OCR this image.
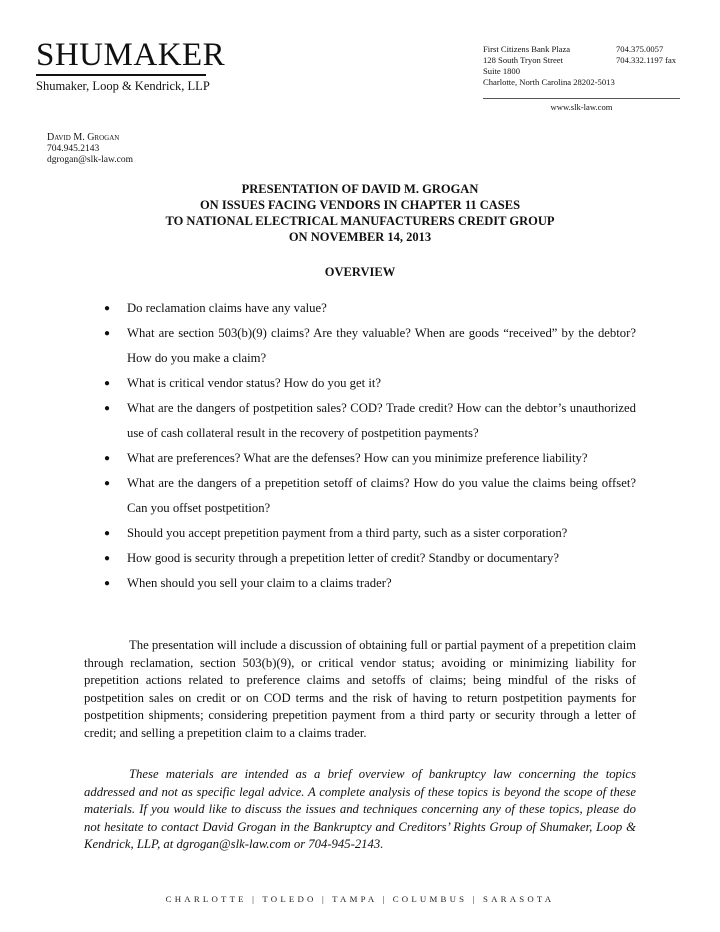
SHUMAKER
Shumaker, Loop & Kendrick, LLP
First Citizens Bank Plaza	704.375.0057
128 South Tryon Street	704.332.1197 fax
Suite 1800
Charlotte, North Carolina 28202-5013
www.slk-law.com
David M. Grogan
704.945.2143
dgrogan@slk-law.com
PRESENTATION OF DAVID M. GROGAN
ON ISSUES FACING VENDORS IN CHAPTER 11 CASES
TO NATIONAL ELECTRICAL MANUFACTURERS CREDIT GROUP
ON NOVEMBER 14, 2013
OVERVIEW
● Do reclamation claims have any value?
● What are section 503(b)(9) claims? Are they valuable? When are goods “received” by the debtor? How do you make a claim?
● What is critical vendor status? How do you get it?
● What are the dangers of postpetition sales? COD? Trade credit? How can the debtor’s unauthorized use of cash collateral result in the recovery of postpetition payments?
● What are preferences? What are the defenses? How can you minimize preference liability?
● What are the dangers of a prepetition setoff of claims? How do you value the claims being offset? Can you offset postpetition?
● Should you accept prepetition payment from a third party, such as a sister corporation?
● How good is security through a prepetition letter of credit? Standby or documentary?
● When should you sell your claim to a claims trader?

The presentation will include a discussion of obtaining full or partial payment of a prepetition claim through reclamation, section 503(b)(9), or critical vendor status; avoiding or minimizing liability for prepetition actions related to preference claims and setoffs of claims; being mindful of the risks of postpetition sales on credit or on COD terms and the risk of having to return postpetition payments for postpetition shipments; considering prepetition payment from a third party or security through a letter of credit; and selling a prepetition claim to a claims trader.

These materials are intended as a brief overview of bankruptcy law concerning the topics addressed and not as specific legal advice. A complete analysis of these topics is beyond the scope of these materials. If you would like to discuss the issues and techniques concerning any of these topics, please do not hesitate to contact David Grogan in the Bankruptcy and Creditors’ Rights Group of Shumaker, Loop & Kendrick, LLP, at dgrogan@slk-law.com or 704-945-2143.

CHARLOTTE | TOLEDO | TAMPA | COLUMBUS | SARASOTA
